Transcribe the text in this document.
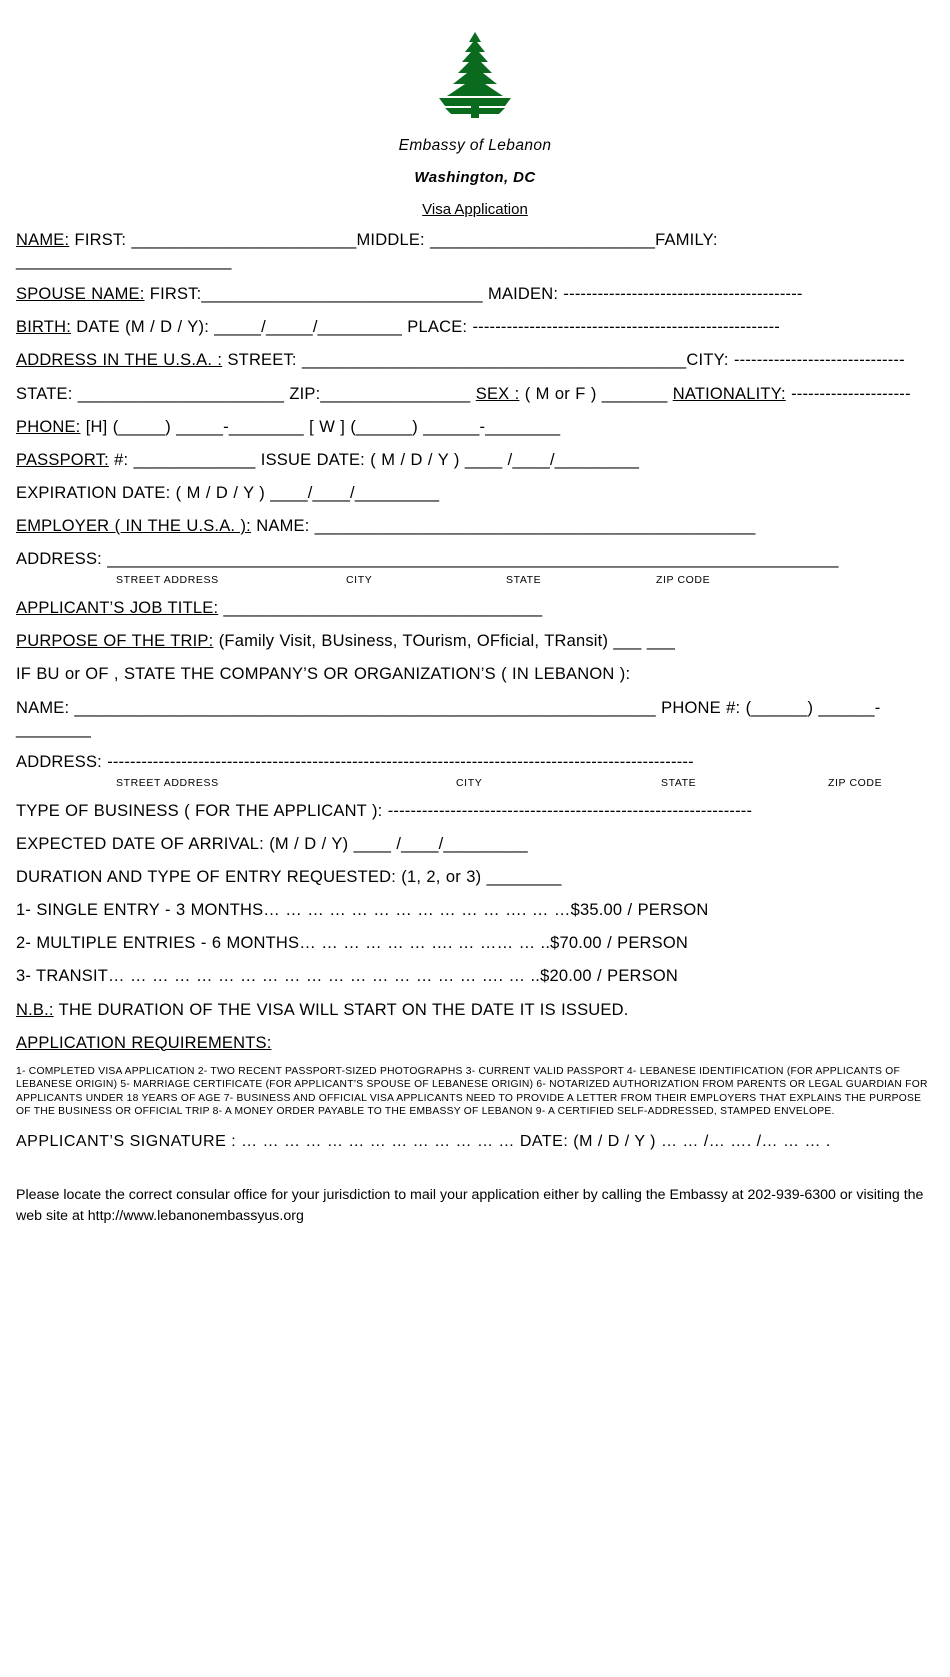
Embassy of Lebanon
Washington, DC
Visa Application
NAME: FIRST: ________________________MIDDLE: ________________________FAMILY: _______________________
SPOUSE NAME: FIRST:______________________________ MAIDEN: ------------------------------------------
BIRTH: DATE (M / D / Y): _____/_____/_________ PLACE: ------------------------------------------------------
ADDRESS IN THE U.S.A. : STREET: _________________________________________CITY: ------------------------------
STATE: ______________________ ZIP:________________ SEX : ( M or F ) _______ NATIONALITY: ---------------------
PHONE: [H] (_____) _____-________ [ W ] (______) ______-________
PASSPORT: #: _____________ ISSUE DATE: ( M / D / Y ) ____ /____/_________
EXPIRATION DATE: ( M / D / Y ) ____/____/_________
EMPLOYER ( IN THE U.S.A. ): NAME: _______________________________________________
ADDRESS: ______________________________________________________________________________
STREET ADDRESS	CITY	STATE	ZIP CODE
APPLICANT’S JOB TITLE: __________________________________
PURPOSE OF THE TRIP: (Family Visit, BUsiness, TOurism, OFficial, TRansit) ___ ___
IF BU or OF , STATE THE COMPANY’S OR ORGANIZATION’S ( IN LEBANON ):
NAME: ______________________________________________________________ PHONE #: (______) ______-________
ADDRESS: -------------------------------------------------------------------------------------------------------
STREET ADDRESS	CITY	STATE	ZIP CODE
TYPE OF BUSINESS ( FOR THE APPLICANT ): ----------------------------------------------------------------
EXPECTED DATE OF ARRIVAL: (M / D / Y) ____ /____/_________
DURATION AND TYPE OF ENTRY REQUESTED: (1, 2, or 3) ________
1- SINGLE ENTRY - 3 MONTHS… … … … … … … … … … … …. … …$35.00 / PERSON
2- MULTIPLE ENTRIES - 6 MONTHS… … … … … … …. … …… … ..$70.00 / PERSON
3- TRANSIT… … … … … … … … … … … … … … … … … …. … ..$20.00 / PERSON
N.B.: THE DURATION OF THE VISA WILL START ON THE DATE IT IS ISSUED.
APPLICATION REQUIREMENTS:
1- COMPLETED VISA APPLICATION 2- TWO RECENT PASSPORT-SIZED PHOTOGRAPHS 3- CURRENT VALID PASSPORT 4- LEBANESE IDENTIFICATION (FOR APPLICANTS OF LEBANESE ORIGIN) 5- MARRIAGE CERTIFICATE (FOR APPLICANT’S SPOUSE OF LEBANESE ORIGIN) 6- NOTARIZED AUTHORIZATION FROM PARENTS OR LEGAL GUARDIAN FOR APPLICANTS UNDER 18 YEARS OF AGE 7- BUSINESS AND OFFICIAL VISA APPLICANTS NEED TO PROVIDE A LETTER FROM THEIR EMPLOYERS THAT EXPLAINS THE PURPOSE OF THE BUSINESS OR OFFICIAL TRIP 8- A MONEY ORDER PAYABLE TO THE EMBASSY OF LEBANON 9- A CERTIFIED SELF-ADDRESSED, STAMPED ENVELOPE.
APPLICANT’S SIGNATURE : … … … … … … … … … … … … … DATE: (M / D / Y ) … … /… …. /… … … .
Please locate the correct consular office for your jurisdiction to mail your application either by calling the Embassy at 202-939-6300 or visiting the web site at http://www.lebanonembassyus.org
